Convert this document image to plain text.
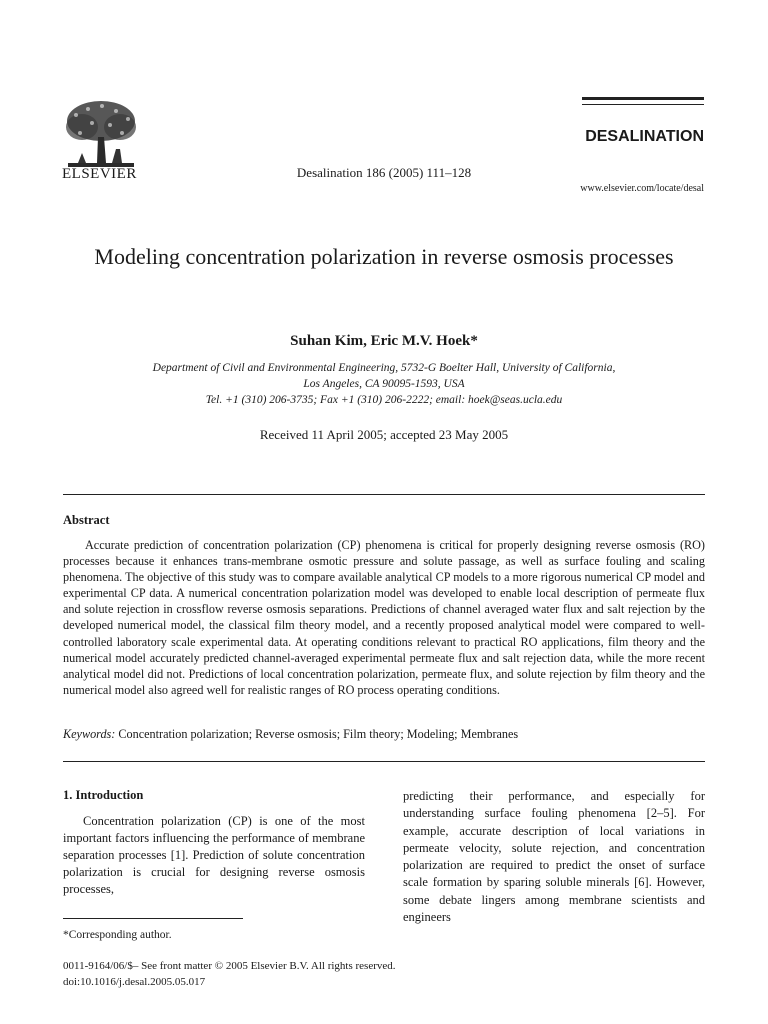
ELSEVIER	Desalination 186 (2005) 111–128
DESALINATION
www.elsevier.com/locate/desal
Modeling concentration polarization in reverse osmosis processes
Suhan Kim, Eric M.V. Hoek*
Department of Civil and Environmental Engineering, 5732-G Boelter Hall, University of California,
Los Angeles, CA 90095-1593, USA
Tel. +1 (310) 206-3735; Fax +1 (310) 206-2222; email: hoek@seas.ucla.edu
Received 11 April 2005; accepted 23 May 2005
Abstract
Accurate prediction of concentration polarization (CP) phenomena is critical for properly designing reverse osmosis (RO) processes because it enhances trans-membrane osmotic pressure and solute passage, as well as surface fouling and scaling phenomena. The objective of this study was to compare available analytical CP models to a more rigorous numerical CP model and experimental CP data. A numerical concentration polarization model was developed to enable local description of permeate flux and solute rejection in crossflow reverse osmosis separations. Predictions of channel averaged water flux and salt rejection by the developed numerical model, the classical film theory model, and a recently proposed analytical model were compared to well-controlled laboratory scale experimental data. At operating conditions relevant to practical RO applications, film theory and the numerical model accurately predicted channel-averaged experimental permeate flux and salt rejection data, while the more recent analytical model did not. Predictions of local concentration polarization, permeate flux, and solute rejection by film theory and the numerical model also agreed well for realistic ranges of RO process operating conditions.
Keywords: Concentration polarization; Reverse osmosis; Film theory; Modeling; Membranes
1. Introduction
Concentration polarization (CP) is one of the most important factors influencing the performance of membrane separation processes [1]. Prediction of solute concentration polarization is crucial for designing reverse osmosis processes,
predicting their performance, and especially for understanding surface fouling phenomena [2–5]. For example, accurate description of local variations in permeate velocity, solute rejection, and concentration polarization are required to predict the onset of surface scale formation by sparing soluble minerals [6]. However, some debate lingers among membrane scientists and engineers
*Corresponding author.
0011-9164/06/$– See front matter © 2005 Elsevier B.V. All rights reserved.
doi:10.1016/j.desal.2005.05.017
